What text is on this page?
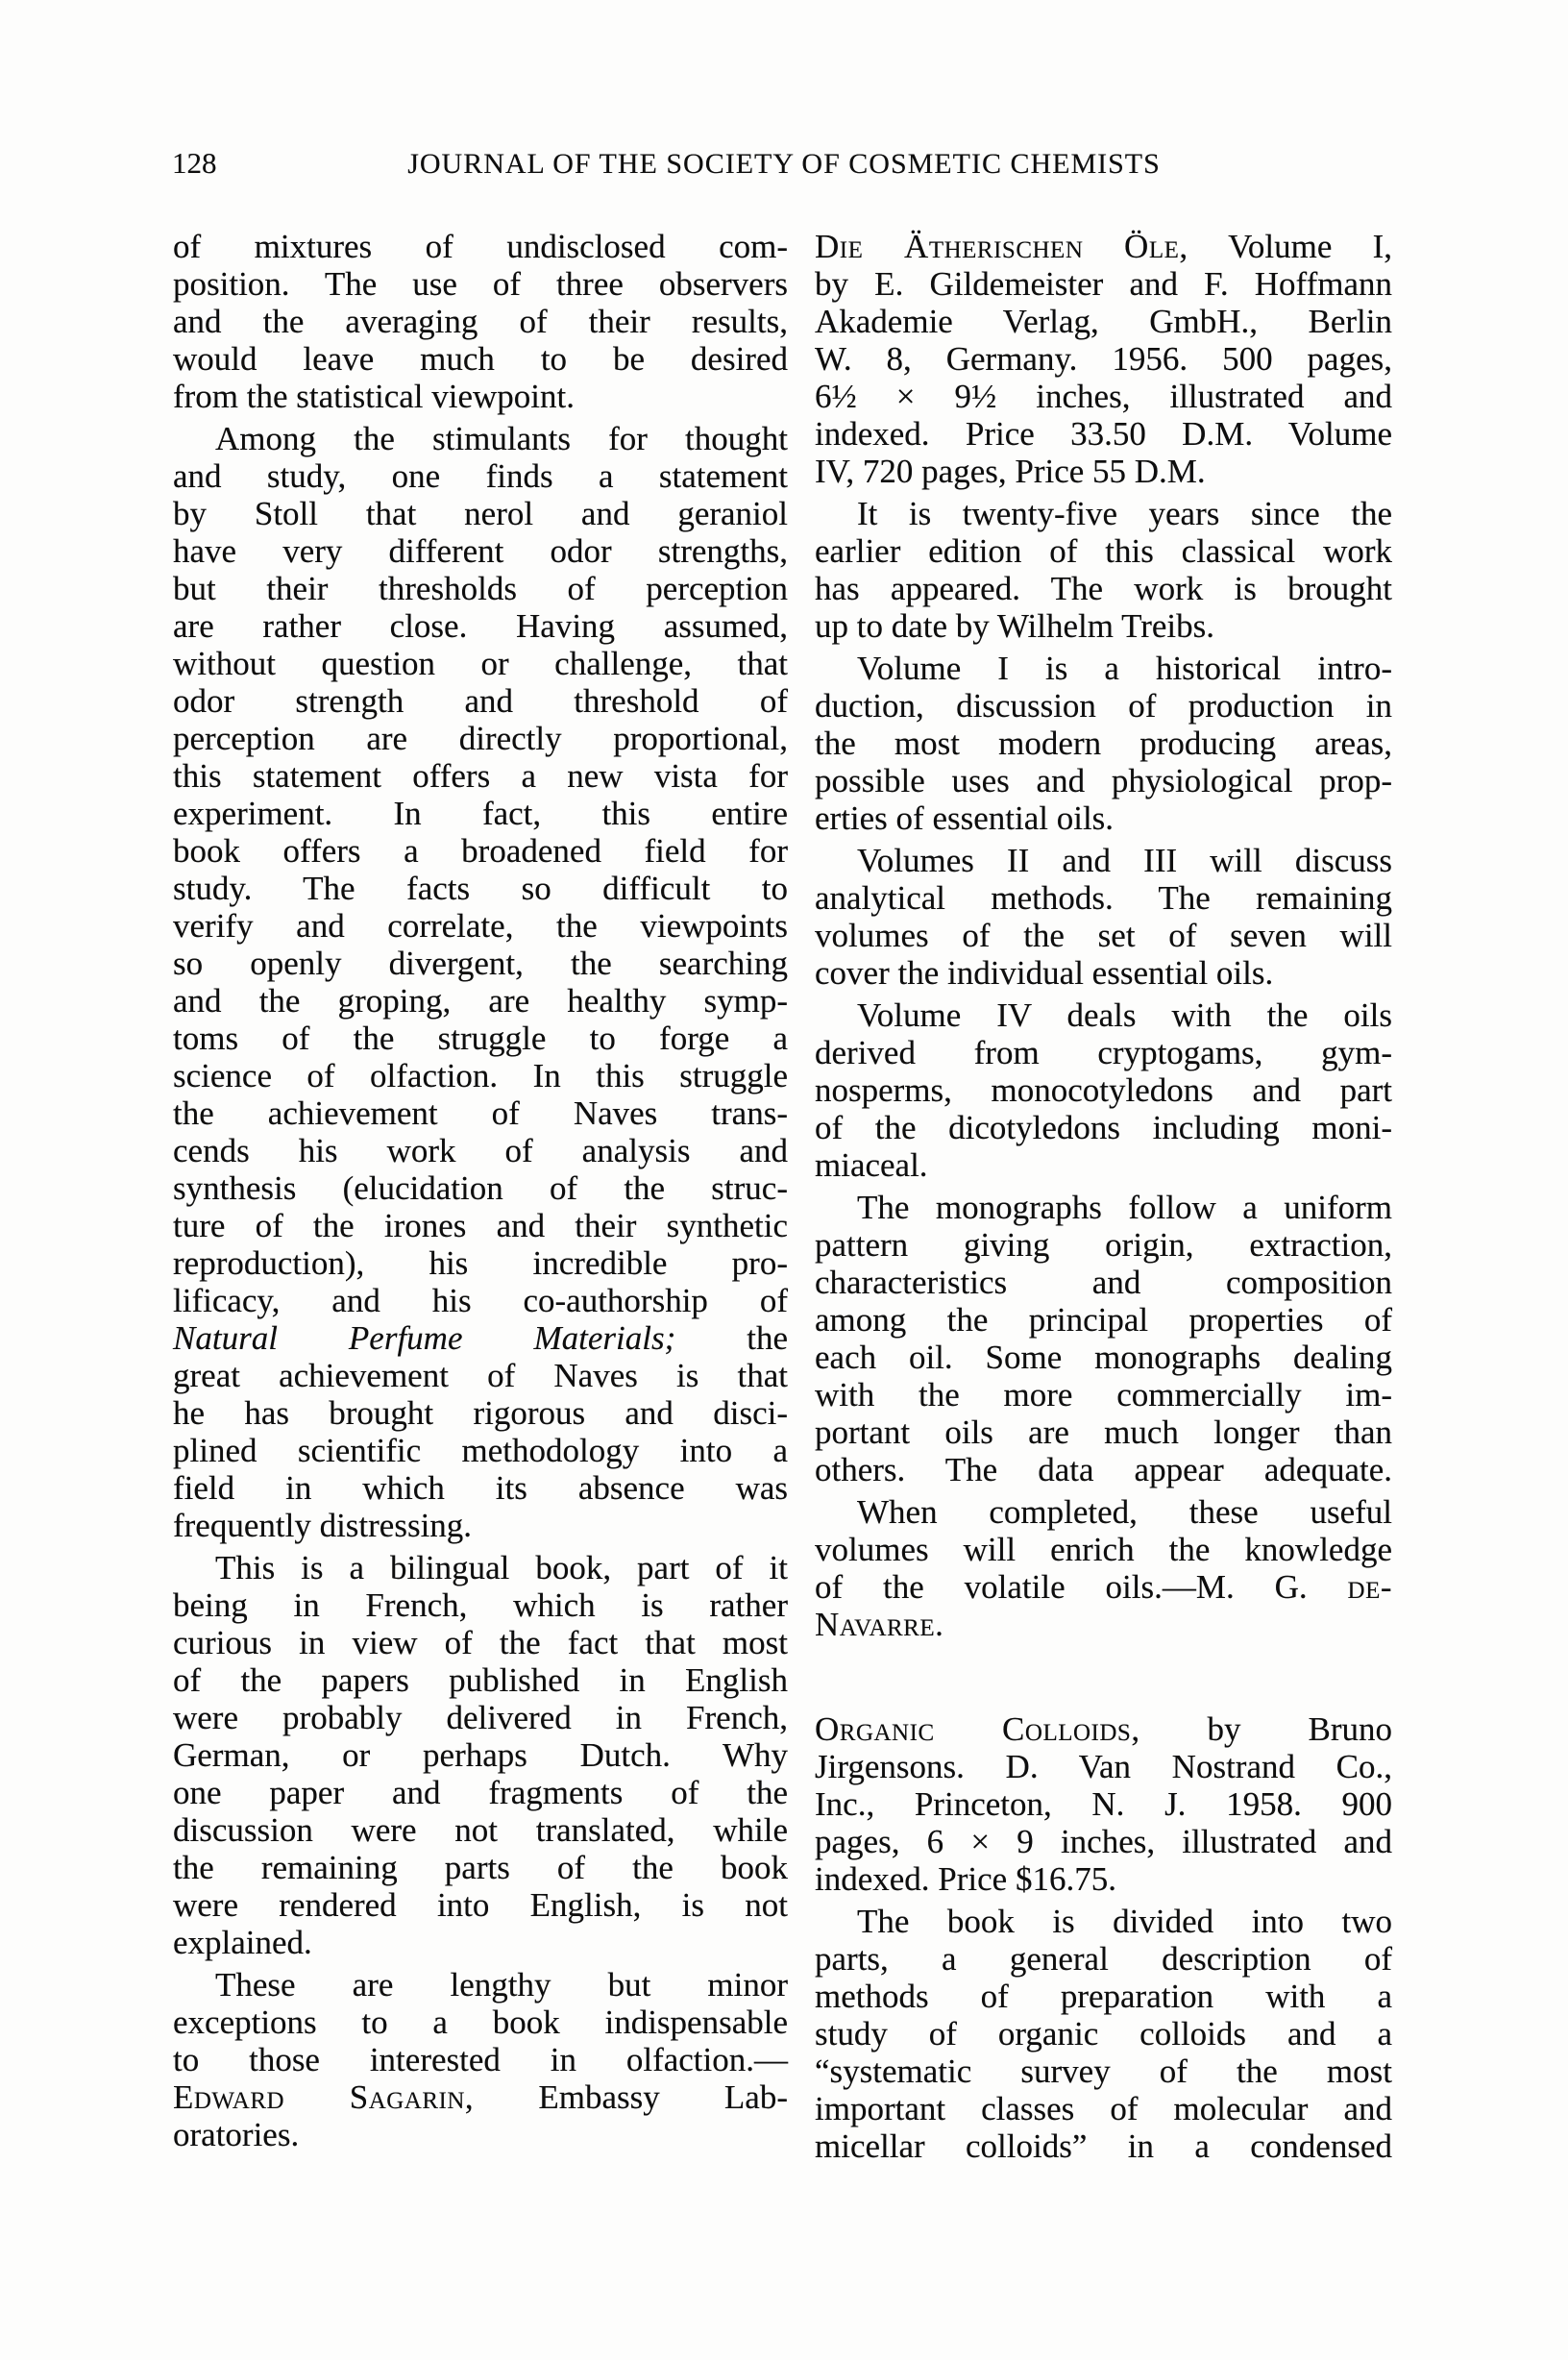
128	JOURNAL OF THE SOCIETY OF COSMETIC CHEMISTS
of mixtures of undisclosed com-
position. The use of three observers
and the averaging of their results,
would leave much to be desired
from the statistical viewpoint.
Among the stimulants for thought
and study, one finds a statement
by Stoll that nerol and geraniol
have very different odor strengths,
but their thresholds of perception
are rather close. Having assumed,
without question or challenge, that
odor strength and threshold of
perception are directly proportional,
this statement offers a new vista for
experiment. In fact, this entire
book offers a broadened field for
study. The facts so difficult to
verify and correlate, the viewpoints
so openly divergent, the searching
and the groping, are healthy symp-
toms of the struggle to forge a
science of olfaction. In this struggle
the achievement of Naves trans-
cends his work of analysis and
synthesis (elucidation of the struc-
ture of the irones and their synthetic
reproduction), his incredible pro-
lificacy, and his co-authorship of
Natural Perfume Materials; the
great achievement of Naves is that
he has brought rigorous and disci-
plined scientific methodology into a
field in which its absence was
frequently distressing.
This is a bilingual book, part of it
being in French, which is rather
curious in view of the fact that most
of the papers published in English
were probably delivered in French,
German, or perhaps Dutch. Why
one paper and fragments of the
discussion were not translated, while
the remaining parts of the book
were rendered into English, is not
explained.
These are lengthy but minor
exceptions to a book indispensable
to those interested in olfaction.—
Edward Sagarin, Embassy Lab-
oratories.
Die Ätherischen Öle, Volume I,
by E. Gildemeister and F. Hoffmann
Akademie Verlag, GmbH., Berlin
W. 8, Germany. 1956. 500 pages,
6½ × 9½ inches, illustrated and
indexed. Price 33.50 D.M. Volume
IV, 720 pages, Price 55 D.M.
It is twenty-five years since the
earlier edition of this classical work
has appeared. The work is brought
up to date by Wilhelm Treibs.
Volume I is a historical intro-
duction, discussion of production in
the most modern producing areas,
possible uses and physiological prop-
erties of essential oils.
Volumes II and III will discuss
analytical methods. The remaining
volumes of the set of seven will
cover the individual essential oils.
Volume IV deals with the oils
derived from cryptogams, gym-
nosperms, monocotyledons and part
of the dicotyledons including moni-
miaceal.
The monographs follow a uniform
pattern giving origin, extraction,
characteristics and composition
among the principal properties of
each oil. Some monographs dealing
with the more commercially im-
portant oils are much longer than
others. The data appear adequate.
When completed, these useful
volumes will enrich the knowledge
of the volatile oils.—M. G. de-
Navarre.
Organic Colloids, by Bruno
Jirgensons. D. Van Nostrand Co.,
Inc., Princeton, N. J. 1958. 900
pages, 6 × 9 inches, illustrated and
indexed. Price $16.75.
The book is divided into two
parts, a general description of
methods of preparation with a
study of organic colloids and a
“systematic survey of the most
important classes of molecular and
micellar colloids” in a condensed
